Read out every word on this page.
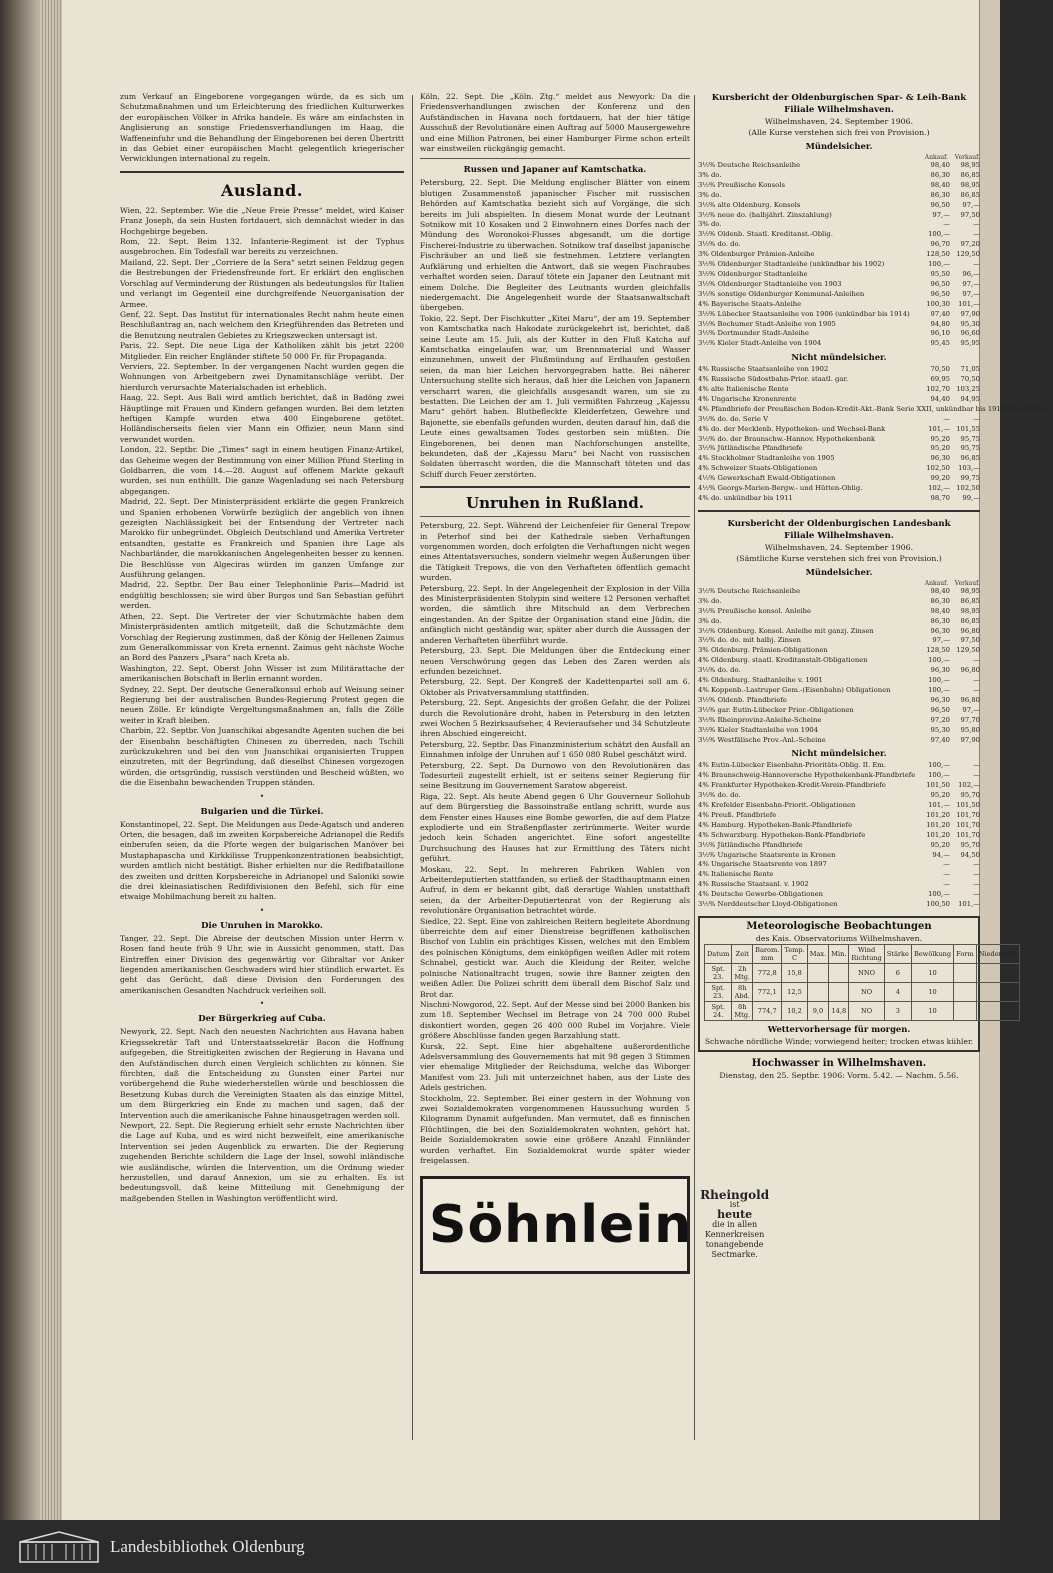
zum Verkauf an Eingeborene vorgegangen würde, da es sich um Schutzmaßnahmen und um Erleichterung des friedlichen Kulturwerkes der europäischen Völker in Afrika handele. Es wäre am einfachsten in Anglisierung an sonstige Friedensverhandlungen im Haag, die Waffeneinfuhr und die Behandlung der Eingeborenen bei deren Übertritt in das Gebiet einer europäischen Macht gelegentlich kriegerischer Verwicklungen international zu regeln.

Ausland.

Wien, 22. September. Wie die „Neue Freie Presse“ meldet, wird Kaiser Franz Joseph, da sein Husten fortdauert, sich demnächst wieder in das Hochgebirge begeben.

Rom, 22. Sept. Beim 132. Infanterie-Regiment ist der Typhus ausgebrochen. Ein Todesfall war bereits zu verzeichnen.

Mailand, 22. Sept. Der „Corriere de la Sera“ setzt seinen Feldzug gegen die Bestrebungen der Friedensfreunde fort. Er erklärt den englischen Vorschlag auf Verminderung der Rüstungen als bedeutungslos für Italien und verlangt im Gegenteil eine durchgreifende Neuorganisation der Armee.

Genf, 22. Sept. Das Institut für internationales Recht nahm heute einen Beschlußantrag an, nach welchem den Kriegführenden das Betreten und die Benutzung neutralen Gebietes zu Kriegszwecken untersagt ist.

Paris, 22. Sept. Die neue Liga der Katholiken zählt bis jetzt 2200 Mitglieder. Ein reicher Engländer stiftete 50 000 Fr. für Propaganda.

Verviers, 22. September. In der vergangenen Nacht wurden gegen die Wohnungen von Arbeitgebern zwei Dynamitanschläge verübt. Der hierdurch verursachte Materialschaden ist erheblich.

Haag, 22. Sept. Aus Bali wird amtlich berichtet, daß in Badöng zwei Häuptlinge mit Frauen und Kindern gefangen wurden. Bei dem letzten heftigen Kampfe wurden etwa 400 Eingeborene getötet. Holländischerseits fielen vier Mann ein Offizier, neun Mann sind verwundet worden.

London, 22. Septbr. Die „Times“ sagt in einem heutigen Finanz-Artikel, das Geheime wegen der Bestimmung von einer Million Pfund Sterling in Goldbarren, die vom 14.—28. August auf offenem Markte gekauft wurden, sei nun enthüllt. Die ganze Wagenladung sei nach Petersburg abgegangen.

Madrid, 22. Sept. Der Ministerpräsident erklärte die gegen Frankreich und Spanien erhobenen Vorwürfe bezüglich der angeblich von ihnen gezeigten Nachlässigkeit bei der Entsendung der Vertreter nach Marokko für unbegründet. Obgleich Deutschland und Amerika Vertreter entsandten, gestatte es Frankreich und Spanien ihre Lage als Nachbarländer, die marokkanischen Angelegenheiten besser zu kennen. Die Beschlüsse von Algeciras würden im ganzen Umfange zur Ausführung gelangen.

Madrid, 22. Septbr. Der Bau einer Telephonlinie Paris—Madrid ist endgültig beschlossen; sie wird über Burgos und San Sebastian geführt werden.

Athen, 22. Sept. Die Vertreter der vier Schutzmächte haben dem Ministerpräsidenten amtlich mitgeteilt, daß die Schutzmächte dem Vorschlag der Regierung zustimmen, daß der König der Hellenen Zaimus zum Generalkommissar von Kreta ernennt. Zaimus geht nächste Woche an Bord des Panzers „Psara“ nach Kreta ab.

Washington, 22. Sept. Oberst John Wisser ist zum Militärattache der amerikanischen Botschaft in Berlin ernannt worden.

Sydney, 22. Sept. Der deutsche Generalkonsul erhob auf Weisung seiner Regierung bei der australischen Bundes-Regierung Protest gegen die neuen Zölle. Er kündigte Vergeltungsmaßnahmen an, falls die Zölle weiter in Kraft bleiben.

Charbin, 22. Septbr. Von Juanschikai abgesandte Agenten suchen die bei der Eisenbahn beschäftigten Chinesen zu überreden, nach Tschili zurückzukehren und bei den von Juanschikai organisierten Truppen einzutreten, mit der Begründung, daß dieselbst Chinesen vorgezogen würden, die ortsgründig, russisch verstünden und Bescheid wüßten, wo die die Eisenbahn bewachenden Truppen ständen.

•
Bulgarien und die Türkei.

Konstantinopel, 22. Sept. Die Meldungen aus Dede-Agatsch und anderen Orten, die besagen, daß im zweiten Korpsbereiche Adrianopel die Redifs einberufen seien, da die Pforte wegen der bulgarischen Manöver bei Mustaphapascha und Kirkkilisse Truppenkonzentrationen beabsichtigt, wurden amtlich nicht bestätigt. Bisher erhielten nur die Redifbataillone des zweiten und dritten Korpsbereiche in Adrianopel und Saloniki sowie die drei kleinasiatischen Redifdivisionen den Befehl, sich für eine etwaige Mobilmachung bereit zu halten.

•
Die Unruhen in Marokko.

Tanger, 22. Sept. Die Abreise der deutschen Mission unter Herrn v. Rosen fand heute früh 9 Uhr, wie in Aussicht genommen, statt. Das Eintreffen einer Division des gegenwärtig vor Gibraltar vor Anker liegenden amerikanischen Geschwaders wird hier stündlich erwartet. Es geht das Gerücht, daß diese Division den Forderungen des amerikanischen Gesandten Nachdruck verleihen soll.

•
Der Bürgerkrieg auf Cuba.

Newyork, 22. Sept. Nach den neuesten Nachrichten aus Havana haben Kriegssekretär Taft und Unterstaatssekretär Bacon die Hoffnung aufgegeben, die Streitigkeiten zwischen der Regierung in Havana und den Aufständischen durch einen Vergleich schlichten zu können. Sie fürchten, daß die Entscheidung zu Gunsten einer Partei nur vorübergehend die Ruhe wiederherstellen würde und beschlossen die Besetzung Kubas durch die Vereinigten Staaten als das einzige Mittel, um dem Bürgerkrieg ein Ende zu machen und sagen, daß der Intervention auch die amerikanische Fahne hinausgetragen werden soll.

Newport, 22. Sept. Die Regierung erhielt sehr ernste Nachrichten über die Lage auf Kuba, und es wird nicht bezweifelt, eine amerikanische Intervention sei jeden Augenblick zu erwarten. Die der Regierung zugehenden Berichte schildern die Lage der Insel, sowohl inländische wie ausländische, würden die Intervention, um die Ordnung wieder herzustellen, und darauf Annexion, um sie zu erhalten. Es ist bedeutungsvoll, daß keine Mitteilung mit Genehmigung der maßgebenden Stellen in Washington veröffentlicht wird.

Köln, 22. Sept. Die „Köln. Ztg.“ meldet aus Newyork: Da die Friedensverhandlungen zwischen der Konferenz und den Aufständischen in Havana noch fortdauern, hat der hier tätige Ausschuß der Revolutionäre einen Auftrag auf 5000 Mausergewehre und eine Million Patronen, bei einer Hamburger Firme schon erteilt war einstweilen rückgängig gemacht.

Russen und Japaner auf Kamtschatka.

Petersburg, 22. Sept. Die Meldung englischer Blätter von einem blutigen Zusammenstoß japanischer Fischer mit russischen Behörden auf Kamtschatka bezieht sich auf Vorgänge, die sich bereits im Juli abspielten. In diesem Monat wurde der Leutnant Sotnikow mit 10 Kosaken und 2 Einwohnern eines Dorfes nach der Mündung des Woronokoi-Flusses abgesandt, um die dortige Fischerei-Industrie zu überwachen. Sotnikow traf daselbst japanische Fischräuber an und ließ sie festnehmen. Letztere verlangten Aufklärung und erhielten die Antwort, daß sie wegen Fischraubes verhaftet worden seien. Darauf tötete ein Japaner den Leutnant mit einem Dolche. Die Begleiter des Leutnants wurden gleichfalls niedergemacht. Die Angelegenheit wurde der Staatsanwaltschaft übergeben.

Tokio, 22. Sept. Der Fischkutter „Kitei Maru“, der am 19. September von Kamtschatka nach Hakodate zurückgekehrt ist, berichtet, daß seine Leute am 15. Juli, als der Kutter in den Fluß Katcha auf Kamtschatka eingelaufen war, um Brennmaterial und Wasser einzunehmen, unweit der Flußmündung auf Erdhaufen gestoßen seien, da man hier Leichen hervorgegraben hatte. Bei näherer Untersuchung stellte sich heraus, daß hier die Leichen von Japanern verscharrt waren, die gleichfalls ausgesandt waren, um sie zu bestatten. Die Leichen der am 1. Juli vermißten Fahrzeug „Kajessu Maru“ gehört haben. Blutbefleckte Kleiderfetzen, Gewehre und Bajonette, sie ebenfalls gefunden wurden, deuten darauf hin, daß die Leute eines gewaltsamen Todes gestorben sein müßten. Die Eingeborenen, bei denen man Nachforschungen anstellte, bekundeten, daß der „Kajessu Maru“ bei Nacht von russischen Soldaten überrascht worden, die die Mannschaft töteten und das Schiff durch Feuer zerstörten.

Unruhen in Rußland.

Petersburg, 22. Sept. Während der Leichenfeier für General Trepow in Peterhof sind bei der Kathedrale sieben Verhaftungen vorgenommen worden, doch erfolgten die Verhaftungen nicht wegen eines Attentatsversuches, sondern vielmehr wegen Äußerungen über die Tätigkeit Trepows, die von den Verhafteten öffentlich gemacht wurden.

Petersburg, 22. Sept. In der Angelegenheit der Explosion in der Villa des Ministerpräsidenten Stolypin sind weitere 12 Personen verhaftet worden, die sämtlich ihre Mitschuld an dem Verbrechen eingestanden. An der Spitze der Organisation stand eine Jüdin, die anfänglich nicht geständig war, später aber durch die Aussagen der anderen Verhafteten überführt wurde.

Petersburg, 23. Sept. Die Meldungen über die Entdeckung einer neuen Verschwörung gegen das Leben des Zaren werden als erfunden bezeichnet.

Petersburg, 22. Sept. Der Kongreß der Kadettenpartei soll am 6. Oktober als Privatversammlung stattfinden.

Petersburg, 22. Sept. Angesichts der großen Gefahr, die der Polizei durch die Revolutionäre droht, haben in Petersburg in den letzten zwei Wochen 5 Bezirksaufseher, 4 Revieraufseher und 34 Schutzleute ihren Abschied eingereicht.

Petersburg, 22. Septbr. Das Finanzministerium schätzt den Ausfall an Einnahmen infolge der Unruhen auf 1 650 080 Rubel geschätzt wird.

Petersburg, 22. Sept. Da Durnowo von den Revolutionären das Todesurteil zugestellt erhielt, ist er seitens seiner Regierung für seine Besitzung im Gouvernement Saratow abgereist.

Riga, 22. Sept. Als heute Abend gegen 6 Uhr Gouverneur Sollohub auf dem Bürgerstieg die Bassoinstraße entlang schritt, wurde aus dem Fenster eines Hauses eine Bombe geworfen, die auf dem Platze explodierte und ein Straßenpflaster zertrümmerte. Weiter wurde jedoch kein Schaden angerichtet. Eine sofort angestellte Durchsuchung des Hauses hat zur Ermittlung des Täters nicht geführt.

Moskau, 22. Sept. In mehreren Fabriken Wahlen von Arbeiterdeputierten stattfanden, so erließ der Stadthauptmann einen Aufruf, in dem er bekannt gibt, daß derartige Wahlen unstatthaft seien, da der Arbeiter-Deputiertenrat von der Regierung als revolutionäre Organisation betrachtet würde.

Siedlce, 22. Sept. Eine von zahlreichen Reitern begleitete Abordnung überreichte dem auf einer Dienstreise begriffenen katholischen Bischof von Lublin ein prächtiges Kissen, welches mit den Emblem des polnischen Königtums, dem einköpfigen weißen Adler mit rotem Schnabel, gestickt war. Auch die Kleidung der Reiter, welche polnische Nationaltracht trugen, sowie ihre Banner zeigten den weißen Adler. Die Polizei schritt dem überall dem Bischof Salz und Brot dar.

Nischni-Nowgorod, 22. Sept. Auf der Messe sind bei 2000 Banken bis zum 18. September Wechsel im Betrage von 24 700 000 Rubel diskontiert worden, gegen 26 400 000 Rubel im Vorjahre. Viele größere Abschlüsse fanden gegen Barzahlung statt.

Kursk, 22. Sept. Eine hier abgehaltene außerordentliche Adelsversammlung des Gouvernements hat mit 98 gegen 3 Stimmen vier ehemalige Mitglieder der Reichsduma, welche das Wiborger Manifest vom 23. Juli mit unterzeichnet haben, aus der Liste des Adels gestrichen.

Stockholm, 22. September. Bei einer gestern in der Wohnung von zwei Sozialdemokraten vorgenommenen Haussuchung wurden 5 Kilogramm Dynamit aufgefunden. Man vermutet, daß es finnischen Flüchtlingen, die bei den Sozialdemokraten wohnten, gehört hat. Beide Sozialdemokraten sowie eine größere Anzahl Finnländer wurden verhaftet. Ein Sozialdemokrat wurde später wieder freigelassen.

Söhnlein Rheingold
ist
heute
die in allen Kennerkreisen tonangebende Sectmarke.
Kursbericht der Oldenburgischen Spar- & Leih-Bank
Filiale Wilhelmshaven.
Wilhelmshaven, 24. September 1906.
(Alle Kurse verstehen sich frei von Provision.)
Mündelsicher.
Ankauf.	Verkauf.
3½% Deutsche Reichsanleihe	98,40	98,95
3% do.	86,30	86,85
3½% Preußische Konsols	98,40	98,95
3% do.	86,30	86,85
3½% alte Oldenburg. Konsols	96,50	97,—
3½% neue do. (halbjährl. Zinszahlung)	97,—	97,50
3% do.	—	—
3½% Oldenb. Staatl. Kreditanst.-Oblig.	100,—	—
3½% do. do.	96,70	97,20
3% Oldenburger Prämien-Anleihe	128,50 129,50
3½% Oldenburger Stadtanleihe (unkündbar bis 1902)	100,—	—
3½% Oldenburger Stadtanleihe	95,50	96,—
3½% Oldenburger Stadtanleihe von 1903	96,50	97,—
3½% sonstige Oldenburger Kommunal-Anleihen	96,50	97,—
4% Bayerische Staats-Anleihe	100,30	101,—
3½% Lübecker Staatsanleihe von 1906 (unkündbar bis 1914)	97,40	97,90
3½% Bochumer Stadt-Anleihe von 1905	94,80	95,30
3½% Dortmunder Stadt-Anleihe	96,10	96,60
3½% Kieler Stadt-Anleihe von 1904	95,45	95,95
Nicht mündelsicher.
4% Russische Staatsanleihe von 1902	70,50	71,05
4% Russische Südostbahn-Prior. staatl. gar.	69,95	70,50
4% alte Italienische Rente	102,70 103,25
4% Ungarische Kronenrente	94,40	94,95
4% Pfandbriefe der Preußischen Boden-Kredit-Akt.-Bank Serie XXII, unkündbar bis 1915 101,45 101,95
3½% do. do. Serie V	—	—
4% do. der Mecklenb. Hypotheken- und Wechsel-Bank	101,— 101,55
3½% do. der Braunschw.-Hannov. Hypothekenbank	95,20	95,75
3½% Jütländische Pfandbriefe	95,20	95,75
4% Stockholmer Stadtanleihe von 1905	96,30	96,85
4% Schweizer Staats-Obligationen	102,50	103,—
4½% Gewerkschaft Ewald-Obligationen	99,20	99,75
4½% Georgs-Marien-Bergw.- und Hütten-Oblig.	102,— 102,50
4% do. unkündbar bis 1911	98,70	99,—
Kursbericht der Oldenburgischen Landesbank
Filiale Wilhelmshaven.
Wilhelmshaven, 24. September 1906.
(Sämtliche Kurse verstehen sich frei von Provision.)
Mündelsicher.
Ankauf.	Verkauf.
3½% Deutsche Reichsanleihe	98,40	98,95
3% do.	86,30	86,85
3½% Preußische konsol. Anleihe	98,40	98,95
3% do.	86,30	86,85
3½% Oldenburg. Konsol. Anleihe mit ganzj. Zinsen	96,30	96,80
3½% do. do. mit halbj. Zinsen	97,—	97,50
3% Oldenburg. Prämien-Obligationen	128,50 129,50
4% Oldenburg. staatl. Kreditanstalt-Obligationen	100,—	—
3½% do. do.	96,30	96,80
4% Oldenburg. Stadtanleihe v. 1901	100,—	—
4% Koppenb.-Lastruper Gem.-(Eisenbahn) Obligationen	100,—	—
3½% Oldenb. Pfandbriefe	96,30	96,80
3½% gar. Eutin-Lübecker Prior.-Obligationen	96,50	97,—
3½% Rheinprovinz-Anleihe-Scheine	97,20	97,70
3½% Kieler Stadtanleihe von 1904	95,30	95,80
3½% Westfälische Prov.-Anl.-Scheine	97,40	97,90
Nicht mündelsicher.
4% Eutin-Lübecker Eisenbahn-Prioritäts-Oblig. II. Em.	100,—	—
4% Braunschweig-Hannoversche Hypothekenbank-Pfandbriefe	100,—	—
4% Frankfurter Hypotheken-Kredit-Verein-Pfandbriefe	101,50	102,—
3½% do. do.	95,20	95,70
4% Krefelder Eisenbahn-Priorit.-Obligationen	101,— 101,50
4% Preuß. Pfandbriefe	101,20 101,70
4% Hamburg. Hypotheken-Bank-Pfandbriefe	101,20 101,70
4% Schwarzburg. Hypotheken-Bank-Pfandbriefe	101,20 101,70
3½% Jütländische Pfandbriefe	95,20	95,70
3½% Ungarische Staatsrente in Kronen	94,—	94,50
4% Ungarische Staatsrente von 1897	—	—
4% Italienische Rente	—	—
4% Russische Staatsanl. v. 1902	—	—
4% Deutsche Gewerbe-Obligationen	100,—	—
3½% Norddeutscher Lloyd-Obligationen	100,50	101,—
Meteorologische Beobachtungen
des Kais. Observatoriums Wilhelmshaven.
Datum	Zeit	Barom. mm	Temp. C	Max.	Min.	Wind Richtung	Stärke	Bewölkung	Form	Niederschl.
Spt. 23.	2h Mtg.	772,8	15,8			NNO	6	10		
Spt. 23.	8h Abd.	772,1	12,5			NO	4	10		
Spt. 24.	8h Mtg.	774,7	10,2	9,0	14,8	NO	3	10		
Wettervorhersage für morgen.
Schwache nördliche Winde; vorwiegend heiter; trocken etwas kühler.
Hochwasser in Wilhelmshaven.
Dienstag, den 25. Septbr. 1906: Vorm. 5.42. — Nachm. 5.56.
Landesbibliothek Oldenburg
